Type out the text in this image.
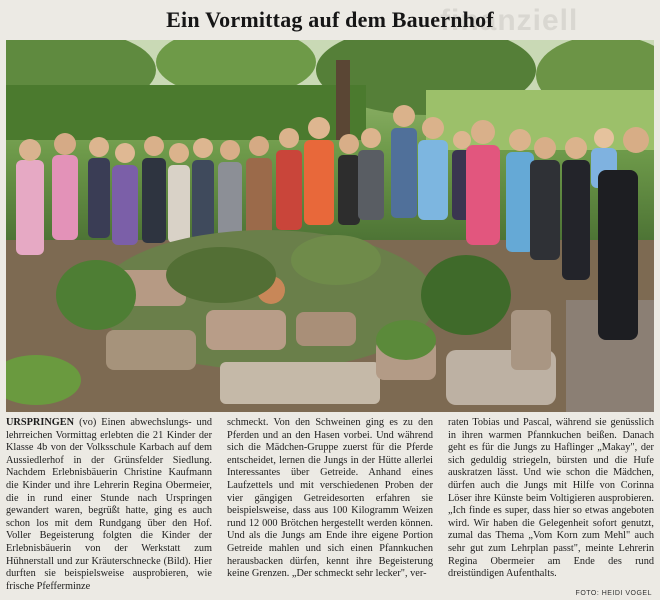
finanziell
Ein Vormittag auf dem Bauernhof
URSPRINGEN (vo) Einen abwechslungs- und lehrreichen Vormittag erlebten die 21 Kinder der Klasse 4b von der Volksschule Karbach auf dem Aussiedlerhof in der Grünsfelder Siedlung. Nachdem Erlebnisbäuerin Christine Kaufmann die Kinder und ihre Lehrerin Regina Obermeier, die in rund einer Stunde nach Urspringen gewandert waren, begrüßt hatte, ging es auch schon los mit dem Rundgang über den Hof. Voller Begeisterung folgten die Kinder der Erlebnisbäuerin von der Werkstatt zum Hühnerstall und zur Kräuterschnecke (Bild). Hier durften sie beispielsweise ausprobieren, wie frische Pfefferminze
schmeckt. Von den Schweinen ging es zu den Pferden und an den Hasen vorbei. Und während sich die Mädchen-Gruppe zuerst für die Pferde entscheidet, lernen die Jungs in der Hütte allerlei Interessantes über Getreide. Anhand eines Laufzettels und mit verschiedenen Proben der vier gängigen Getreidesorten erfahren sie beispielsweise, dass aus 100 Kilogramm Weizen rund 12 000 Brötchen hergestellt werden können. Und als die Jungs am Ende ihre eigene Portion Getreide mahlen und sich einen Pfannkuchen herausbacken dürfen, kennt ihre Begeisterung keine Grenzen. „Der schmeckt sehr lecker", ver-
raten Tobias und Pascal, während sie genüsslich in ihren warmen Pfannkuchen beißen. Danach geht es für die Jungs zu Haflinger „Makay", der sich geduldig striegeln, bürsten und die Hufe auskratzen lässt. Und wie schon die Mädchen, dürfen auch die Jungs mit Hilfe von Corinna Löser ihre Künste beim Voltigieren ausprobieren. „Ich finde es super, dass hier so etwas angeboten wird. Wir haben die Gelegenheit sofort genutzt, zumal das Thema „Vom Korn zum Mehl" auch sehr gut zum Lehrplan passt", meinte Lehrerin Regina Obermeier am Ende des rund dreistündigen Aufenthalts.
FOTO: HEIDI VOGEL
